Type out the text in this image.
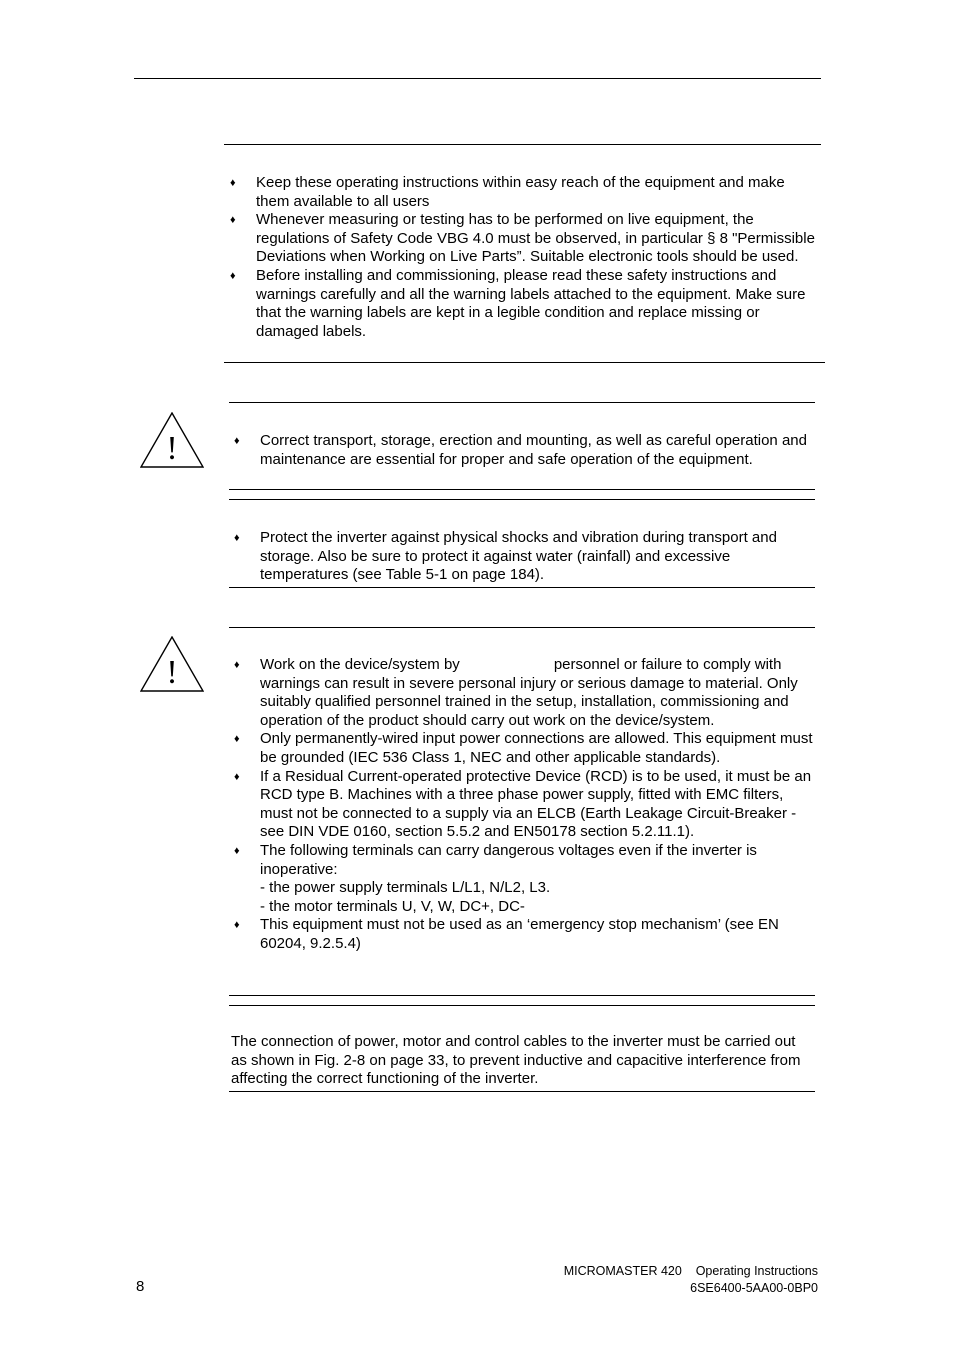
♦ Keep these operating instructions within easy reach of the equipment and make them available to all users
♦ Whenever measuring or testing has to be performed on live equipment, the regulations of Safety Code VBG 4.0 must be observed, in particular § 8 "Permissible Deviations when Working on Live Parts”. Suitable electronic tools should be used.
♦ Before installing and commissioning, please read these safety instructions and warnings carefully and all the warning labels attached to the equipment. Make sure that the warning labels are kept in a legible condition and replace missing or damaged labels.
!	♦ Correct transport, storage, erection and mounting, as well as careful operation and maintenance are essential for proper and safe operation of the equipment.
♦ Protect the inverter against physical shocks and vibration during transport and storage. Also be sure to protect it against water (rainfall) and excessive temperatures (see Table 5-1 on page 184).
!	♦ Work on the device/system by	personnel or failure to comply with warnings can result in severe personal injury or serious damage to material. Only suitably qualified personnel trained in the setup, installation, commissioning and operation of the product should carry out work on the device/system.
♦ Only permanently-wired input power connections are allowed. This equipment must be grounded (IEC 536 Class 1, NEC and other applicable standards).
♦ If a Residual Current-operated protective Device (RCD) is to be used, it must be an RCD type B. Machines with a three phase power supply, fitted with EMC filters, must not be connected to a supply via an ELCB (Earth Leakage Circuit-Breaker - see DIN VDE 0160, section 5.5.2 and EN50178 section 5.2.11.1).
♦ The following terminals can carry dangerous voltages even if the inverter is inoperative:
- the power supply terminals L/L1, N/L2, L3.
- the motor terminals U, V, W, DC+, DC-
♦ This equipment must not be used as an ‘emergency stop mechanism’ (see EN 60204, 9.2.5.4)
The connection of power, motor and control cables to the inverter must be carried out as shown in Fig. 2-8 on page 33, to prevent inductive and capacitive interference from affecting the correct functioning of the inverter.
8
MICROMASTER 420    Operating Instructions
6SE6400-5AA00-0BP0
